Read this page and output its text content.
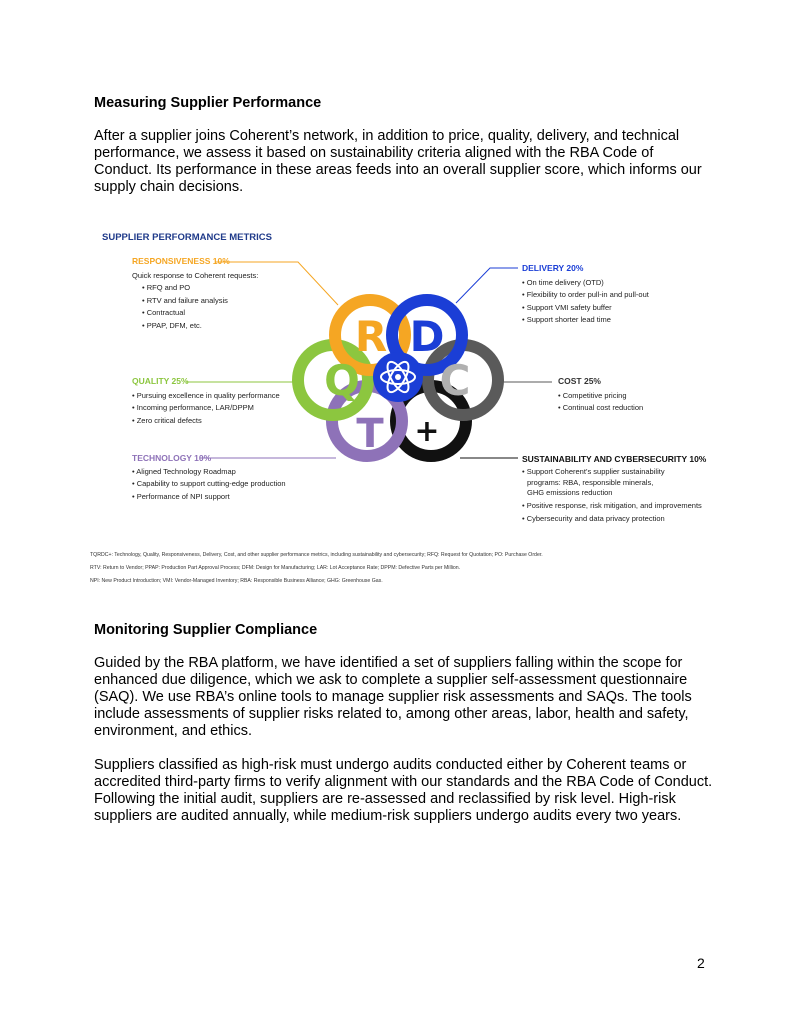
Measuring Supplier Performance
After a supplier joins Coherent’s network, in addition to price, quality, delivery, and technical performance, we assess it based on sustainability criteria aligned with the RBA Code of Conduct. Its performance in these areas feeds into an overall supplier score, which informs our supply chain decisions.
SUPPLIER PERFORMANCE METRICS
RESPONSIVENESS 10%
Quick response to Coherent requests:
• RFQ and PO
• RTV and failure analysis
• Contractual
• PPAP, DFM, etc.
QUALITY 25%
• Pursuing excellence in quality performance
• Incoming performance, LAR/DPPM
• Zero critical defects
TECHNOLOGY 10%
• Aligned Technology Roadmap
• Capability to support cutting-edge production
• Performance of NPI support
DELIVERY 20%
• On time delivery (OTD)
• Flexibility to order pull-in and pull-out
• Support VMI safety buffer
• Support shorter lead time
COST 25%
• Competitive pricing
• Continual cost reduction
SUSTAINABILITY AND CYBERSECURITY 10%
• Support Coherent’s supplier sustainability
programs: RBA, responsible minerals,
GHG emissions reduction
• Positive response, risk mitigation, and improvements
• Cybersecurity and data privacy protection
R D
Q C
T +
TQRDC+: Technology, Quality, Responsiveness, Delivery, Cost, and other supplier performance metrics, including sustainability and cybersecurity; RFQ: Request for Quotation; PO: Purchase Order.
RTV: Return to Vendor; PPAP: Production Part Approval Process; DFM: Design for Manufacturing; LAR: Lot Acceptance Rate; DPPM: Defective Parts per Million.
NPI: New Product Introduction; VMI: Vendor-Managed Inventory; RBA: Responsible Business Alliance; GHG: Greenhouse Gas.
Monitoring Supplier Compliance
Guided by the RBA platform, we have identified a set of suppliers falling within the scope for enhanced due diligence, which we ask to complete a supplier self-assessment questionnaire (SAQ). We use RBA’s online tools to manage supplier risk assessments and SAQs. The tools include assessments of supplier risks related to, among other areas, labor, health and safety, environment, and ethics.
Suppliers classified as high-risk must undergo audits conducted either by Coherent teams or accredited third-party firms to verify alignment with our standards and the RBA Code of Conduct. Following the initial audit, suppliers are re-assessed and reclassified by risk level. High-risk suppliers are audited annually, while medium-risk suppliers undergo audits every two years.
2
